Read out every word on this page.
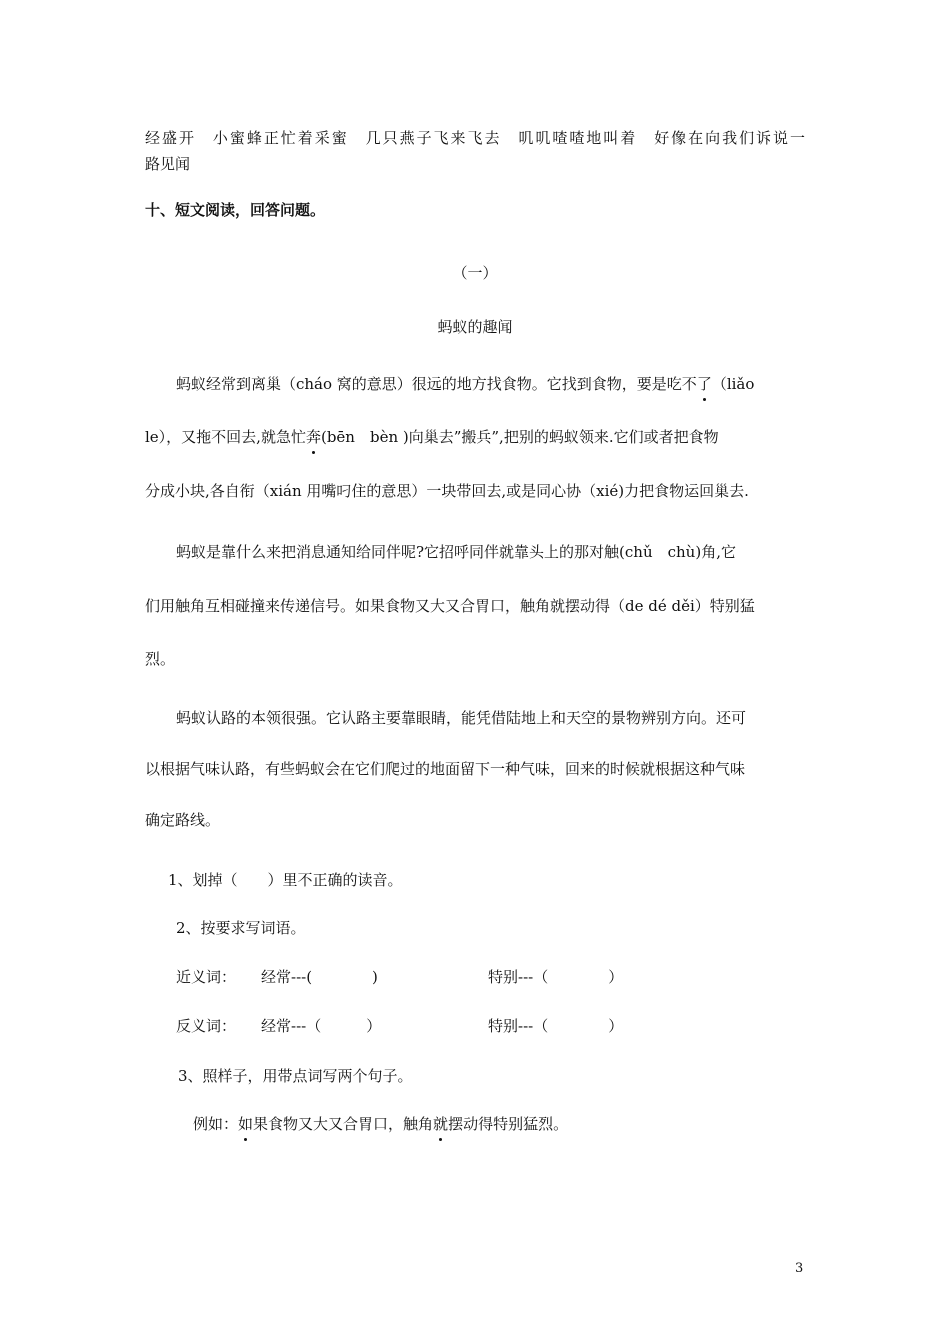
经盛开　小蜜蜂正忙着采蜜　几只燕子飞来飞去　叽叽喳喳地叫着　好像在向我们诉说一
路见闻
十、短文阅读，回答问题。
（一）
蚂蚁的趣闻
蚂蚁经常到离巢（cháo 窝的意思）很远的地方找食物。它找到食物，要是吃不了（liǎo
le），又拖不回去,就急忙奔(bēn　bèn )向巢去”搬兵”,把别的蚂蚁领来.它们或者把食物
分成小块,各自衔（xián 用嘴叼住的意思）一块带回去,或是同心协（xié)力把食物运回巢去.
蚂蚁是靠什么来把消息通知给同伴呢?它招呼同伴就靠头上的那对触(chǔ　chù)角,它
们用触角互相碰撞来传递信号。如果食物又大又合胃口，触角就摆动得（de dé děi）特别猛
烈。
蚂蚁认路的本领很强。它认路主要靠眼睛，能凭借陆地上和天空的景物辨别方向。还可
以根据气味认路，有些蚂蚁会在它们爬过的地面留下一种气味，回来的时候就根据这种气味
确定路线。
1、划掉（　　）里不正确的读音。
2、按要求写词语。
近义词： 经常---(　　　　)	特别---（　　　　）
反义词： 经常---（　　　）	特别---（　　　　）
3、照样子，用带点词写两个句子。
例如：如果食物又大又合胃口，触角就摆动得特别猛烈。
3
